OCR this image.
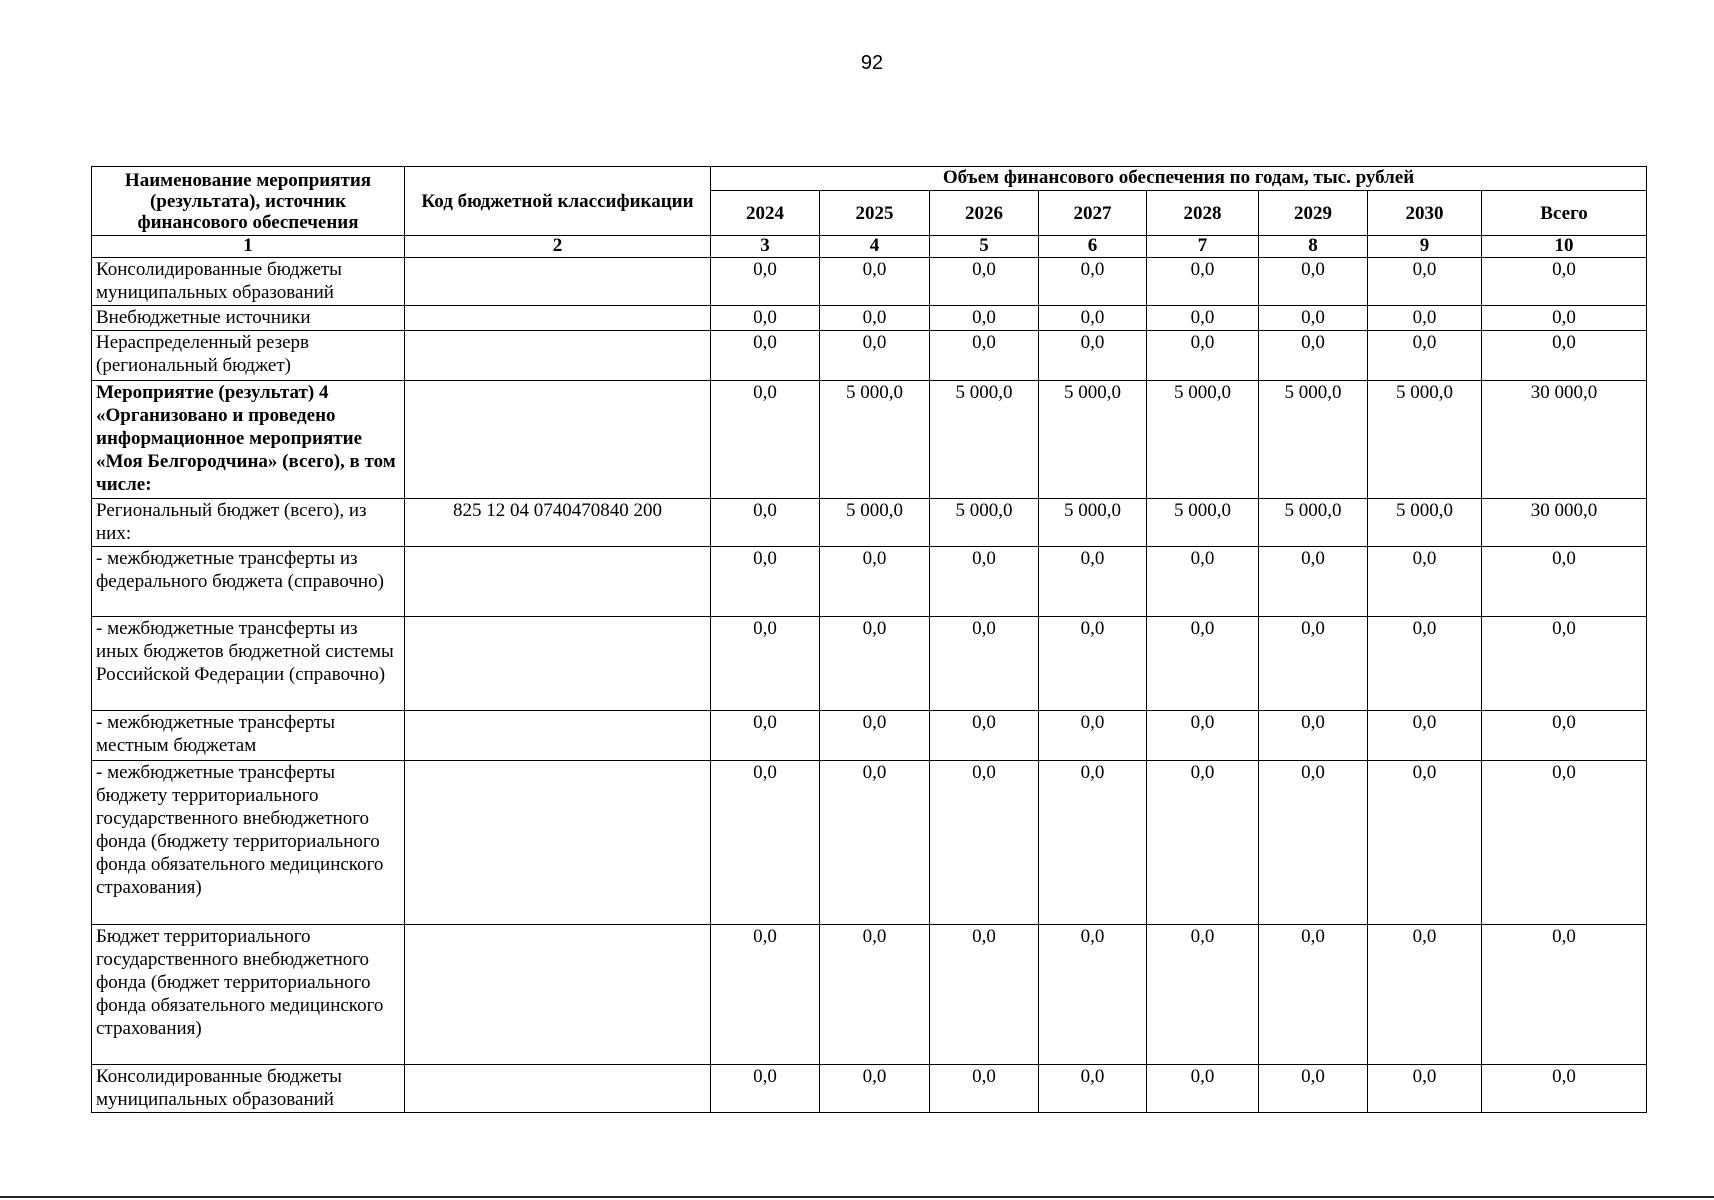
92
Наименование мероприятия (результата), источник финансового обеспечения	Код бюджетной классификации	Объем финансового обеспечения по годам, тыс. рублей							
		2024	2025	2026	2027	2028	2029	2030	Всего
1	2	3	4	5	6	7	8	9	10
Консолидированные бюджеты муниципальных образований		0,0	0,0	0,0	0,0	0,0	0,0	0,0	0,0
Внебюджетные источники		0,0	0,0	0,0	0,0	0,0	0,0	0,0	0,0
Нераспределенный резерв (региональный бюджет)		0,0	0,0	0,0	0,0	0,0	0,0	0,0	0,0
Мероприятие (результат) 4 «Организовано и проведено информационное мероприятие «Моя Белгородчина» (всего), в том числе:		0,0	5 000,0	5 000,0	5 000,0	5 000,0	5 000,0	5 000,0	30 000,0
Региональный бюджет (всего), из них:	825 12 04 0740470840 200	0,0	5 000,0	5 000,0	5 000,0	5 000,0	5 000,0	5 000,0	30 000,0
- межбюджетные трансферты из федерального бюджета (справочно)		0,0	0,0	0,0	0,0	0,0	0,0	0,0	0,0
- межбюджетные трансферты из иных бюджетов бюджетной системы Российской Федерации (справочно)		0,0	0,0	0,0	0,0	0,0	0,0	0,0	0,0
- межбюджетные трансферты местным бюджетам		0,0	0,0	0,0	0,0	0,0	0,0	0,0	0,0
- межбюджетные трансферты бюджету территориального государственного внебюджетного фонда (бюджету территориального фонда обязательного медицинского страхования)		0,0	0,0	0,0	0,0	0,0	0,0	0,0	0,0
Бюджет территориального государственного внебюджетного фонда (бюджет территориального фонда обязательного медицинского страхования)		0,0	0,0	0,0	0,0	0,0	0,0	0,0	0,0
Консолидированные бюджеты муниципальных образований		0,0	0,0	0,0	0,0	0,0	0,0	0,0	0,0
